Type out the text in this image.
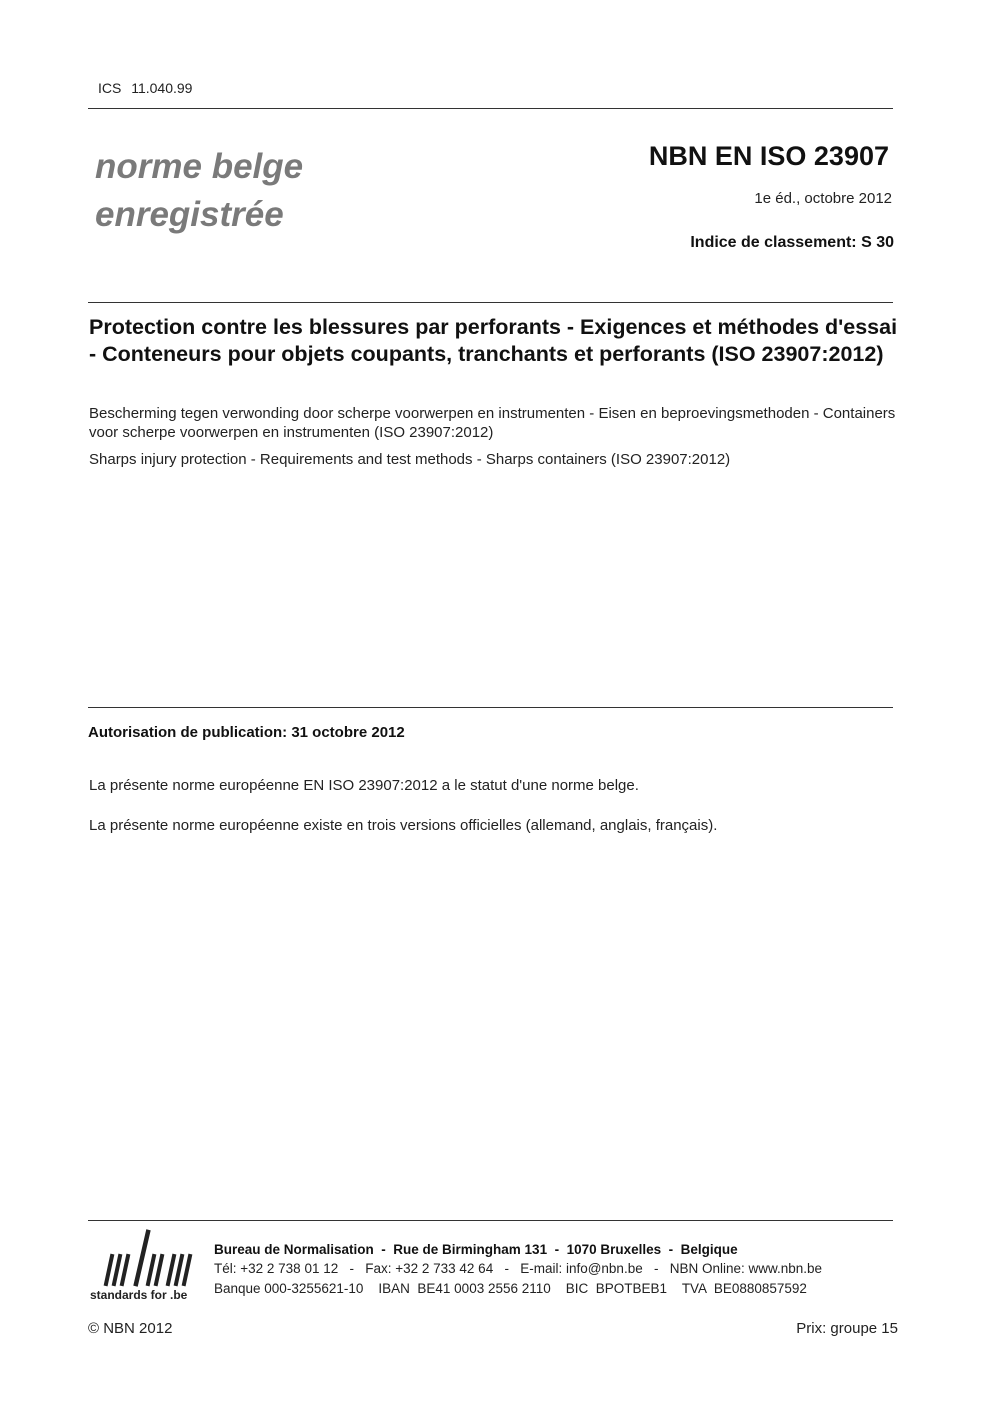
ICS 11.040.99
norme belge
enregistrée
NBN EN ISO 23907
1e éd., octobre 2012
Indice de classement: S 30
Protection contre les blessures par perforants - Exigences et méthodes d'essai - Conteneurs pour objets coupants, tranchants et perforants (ISO 23907:2012)
Bescherming tegen verwonding door scherpe voorwerpen en instrumenten - Eisen en beproevingsmethoden - Containers voor scherpe voorwerpen en instrumenten (ISO 23907:2012)
Sharps injury protection - Requirements and test methods - Sharps containers (ISO 23907:2012)
Autorisation de publication: 31 octobre 2012
La présente norme européenne EN ISO 23907:2012 a le statut d'une norme belge.
La présente norme européenne existe en trois versions officielles (allemand, anglais, français).
standards for .be
Bureau de Normalisation  -  Rue de Birmingham 131  -  1070 Bruxelles  -  Belgique
Tél: +32 2 738 01 12   -   Fax: +32 2 733 42 64   -   E-mail: info@nbn.be   -   NBN Online: www.nbn.be
Banque 000-3255621-10    IBAN  BE41 0003 2556 2110    BIC  BPOTBEB1    TVA  BE0880857592
© NBN 2012	Prix: groupe 15
